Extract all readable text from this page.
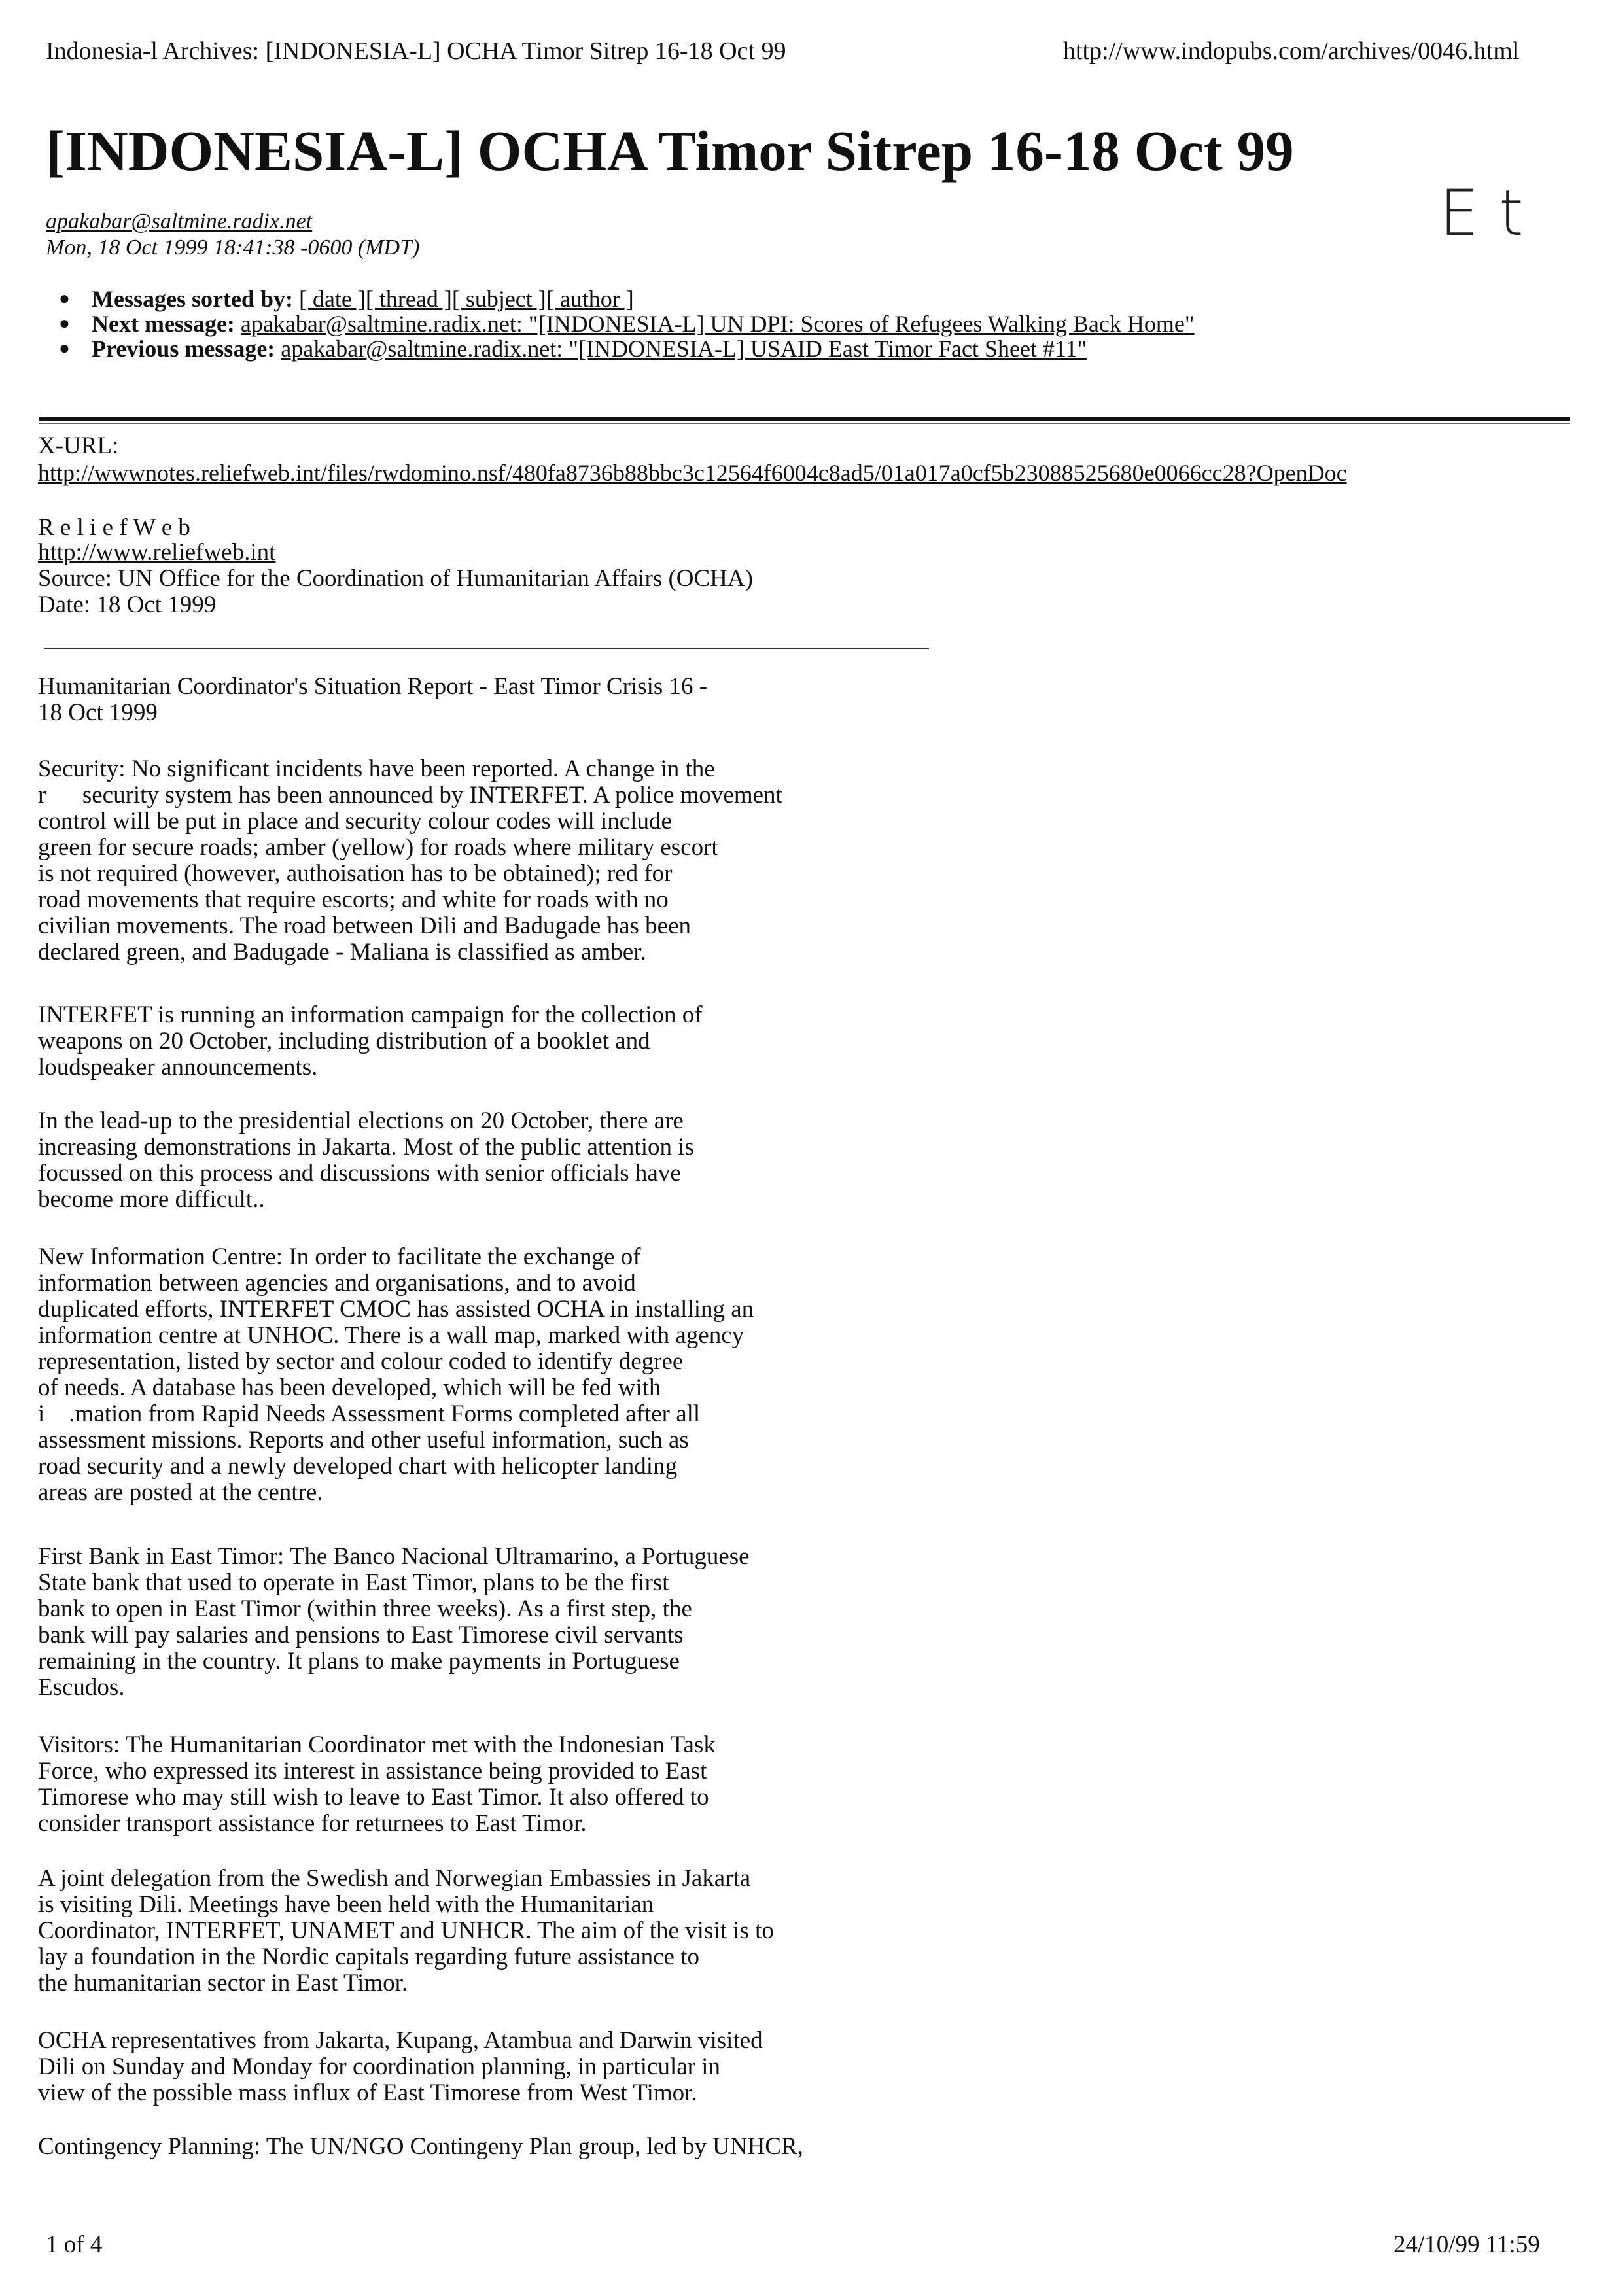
Indonesia-l Archives: [INDONESIA-L] OCHA Timor Sitrep 16-18 Oct 99	http://www.indopubs.com/archives/0046.html
[INDONESIA-L] OCHA Timor Sitrep 16-18 Oct 99
E t
apakabar@saltmine.radix.net
Mon, 18 Oct 1999 18:41:38 -0600 (MDT)
● Messages sorted by: [ date ][ thread ][ subject ][ author ]
● Next message: apakabar@saltmine.radix.net: "[INDONESIA-L] UN DPI: Scores of Refugees Walking Back Home"
● Previous message: apakabar@saltmine.radix.net: "[INDONESIA-L] USAID East Timor Fact Sheet #11"
X-URL:
http://wwwnotes.reliefweb.int/files/rwdomino.nsf/480fa8736b88bbc3c12564f6004c8ad5/01a017a0cf5b23088525680e0066cc28?OpenDoc
R e l i e f W e b
http://www.reliefweb.int
Source: UN Office for the Coordination of Humanitarian Affairs (OCHA)
Date: 18 Oct 1999
Humanitarian Coordinator's Situation Report - East Timor Crisis 16 -
18 Oct 1999
Security: No significant incidents have been reported. A change in the
r      security system has been announced by INTERFET. A police movement
control will be put in place and security colour codes will include
green for secure roads; amber (yellow) for roads where military escort
is not required (however, authoisation has to be obtained); red for
road movements that require escorts; and white for roads with no
civilian movements. The road between Dili and Badugade has been
declared green, and Badugade - Maliana is classified as amber.
INTERFET is running an information campaign for the collection of
weapons on 20 October, including distribution of a booklet and
loudspeaker announcements.
In the lead-up to the presidential elections on 20 October, there are
increasing demonstrations in Jakarta. Most of the public attention is
focussed on this process and discussions with senior officials have
become more difficult..
New Information Centre: In order to facilitate the exchange of
information between agencies and organisations, and to avoid
duplicated efforts, INTERFET CMOC has assisted OCHA in installing an
information centre at UNHOC. There is a wall map, marked with agency
representation, listed by sector and colour coded to identify degree
of needs. A database has been developed, which will be fed with
i    .mation from Rapid Needs Assessment Forms completed after all
assessment missions. Reports and other useful information, such as
road security and a newly developed chart with helicopter landing
areas are posted at the centre.
First Bank in East Timor: The Banco Nacional Ultramarino, a Portuguese
State bank that used to operate in East Timor, plans to be the first
bank to open in East Timor (within three weeks). As a first step, the
bank will pay salaries and pensions to East Timorese civil servants
remaining in the country. It plans to make payments in Portuguese
Escudos.
Visitors: The Humanitarian Coordinator met with the Indonesian Task
Force, who expressed its interest in assistance being provided to East
Timorese who may still wish to leave to East Timor. It also offered to
consider transport assistance for returnees to East Timor.
A joint delegation from the Swedish and Norwegian Embassies in Jakarta
is visiting Dili. Meetings have been held with the Humanitarian
Coordinator, INTERFET, UNAMET and UNHCR. The aim of the visit is to
lay a foundation in the Nordic capitals regarding future assistance to
the humanitarian sector in East Timor.
OCHA representatives from Jakarta, Kupang, Atambua and Darwin visited
Dili on Sunday and Monday for coordination planning, in particular in
view of the possible mass influx of East Timorese from West Timor.
Contingency Planning: The UN/NGO Contingeny Plan group, led by UNHCR,
1 of 4	24/10/99 11:59
